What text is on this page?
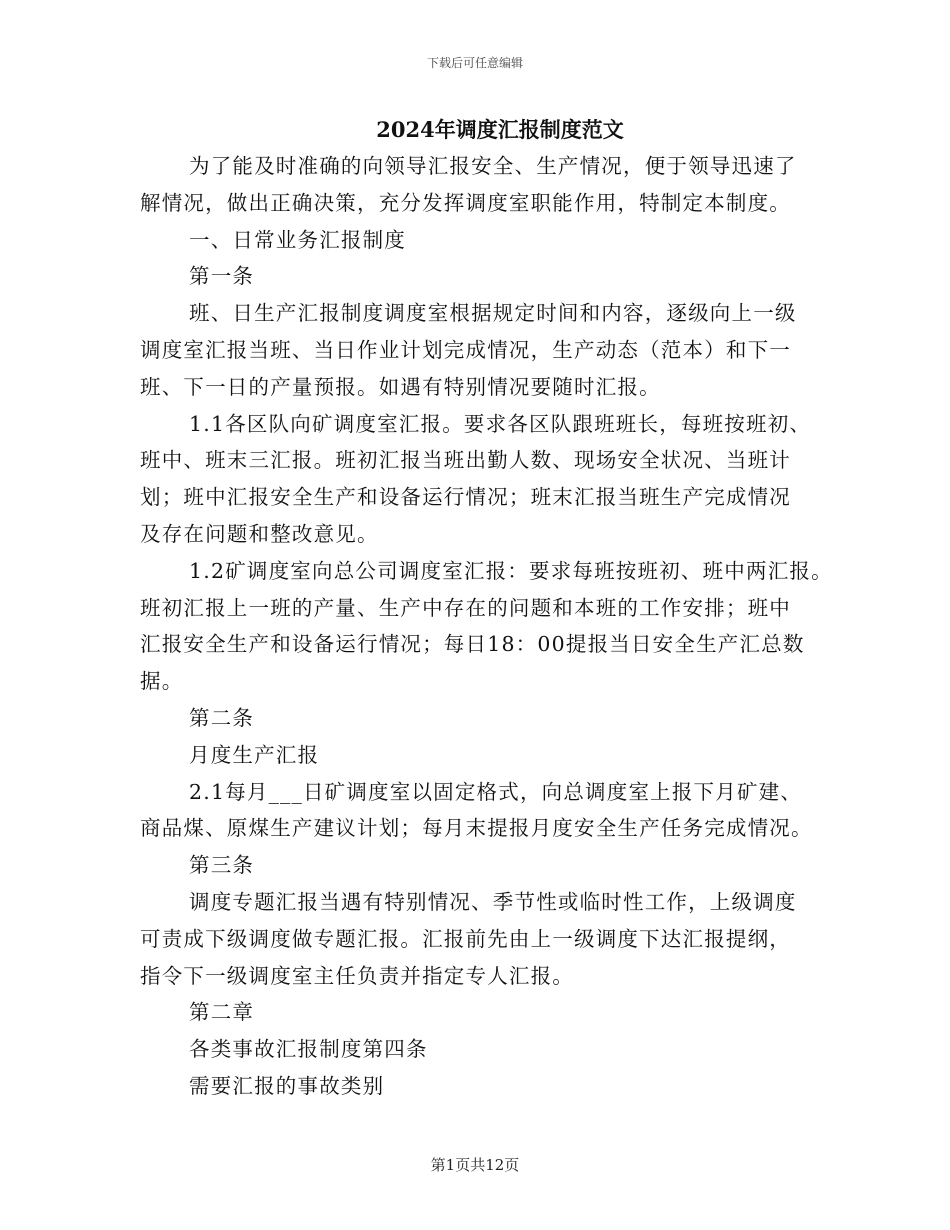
下载后可任意编辑
2024年调度汇报制度范文

为了能及时准确的向领导汇报安全、生产情况，便于领导迅速了
解情况，做出正确决策，充分发挥调度室职能作用，特制定本制度。

一、日常业务汇报制度

第一条

班、日生产汇报制度调度室根据规定时间和内容，逐级向上一级
调度室汇报当班、当日作业计划完成情况，生产动态（范本）和下一
班、下一日的产量预报。如遇有特别情况要随时汇报。

1.1各区队向矿调度室汇报。要求各区队跟班班长，每班按班初、
班中、班末三汇报。班初汇报当班出勤人数、现场安全状况、当班计
划；班中汇报安全生产和设备运行情况；班末汇报当班生产完成情况
及存在问题和整改意见。

1.2矿调度室向总公司调度室汇报：要求每班按班初、班中两汇报。
班初汇报上一班的产量、生产中存在的问题和本班的工作安排；班中
汇报安全生产和设备运行情况；每日18：00提报当日安全生产汇总数
据。

第二条

月度生产汇报

2.1每月___日矿调度室以固定格式，向总调度室上报下月矿建、
商品煤、原煤生产建议计划；每月末提报月度安全生产任务完成情况。

第三条

调度专题汇报当遇有特别情况、季节性或临时性工作，上级调度
可责成下级调度做专题汇报。汇报前先由上一级调度下达汇报提纲，
指令下一级调度室主任负责并指定专人汇报。

第二章

各类事故汇报制度第四条

需要汇报的事故类别

第1页共12页
